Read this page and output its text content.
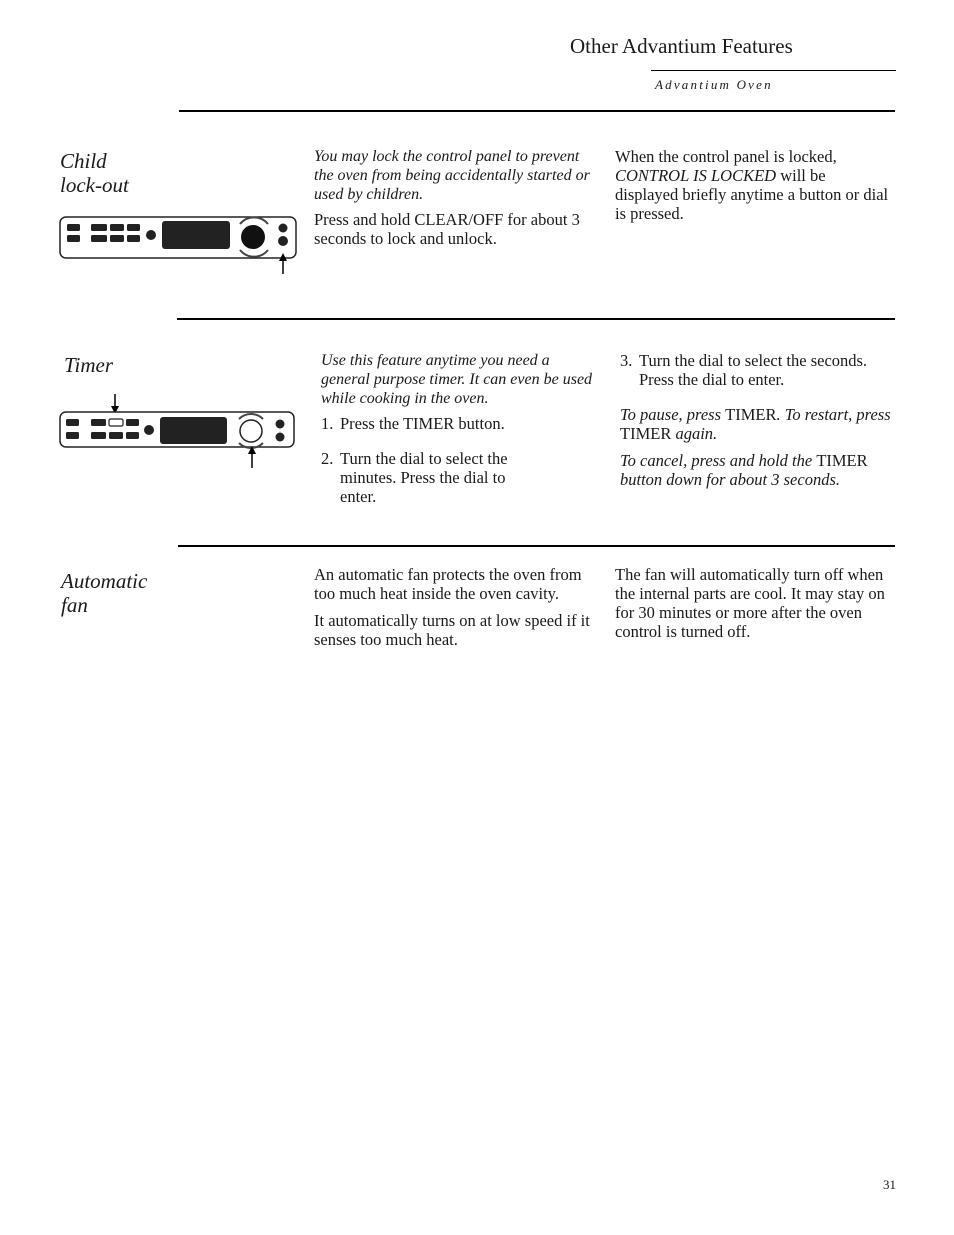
Other Advantium Features
Advantium Oven
Child
lock-out

You may lock the control panel to prevent the oven from being accidentally started or used by children.

Press and hold CLEAR/OFF for about 3 seconds to lock and unlock.

When the control panel is locked, CONTROL IS LOCKED will be displayed briefly anytime a button or dial is pressed.

Timer	Use this feature anytime you need a general purpose timer. It can even be used while cooking in the oven.

1. Press the TIMER button.
2. Turn the dial to select the minutes. Press the dial to enter.
3. Turn the dial to select the seconds. Press the dial to enter.

To pause, press TIMER. To restart, press TIMER again.

To cancel, press and hold the TIMER button down for about 3 seconds.

Automatic
fan

An automatic fan protects the oven from too much heat inside the oven cavity.

It automatically turns on at low speed if it senses too much heat.

The fan will automatically turn off when the internal parts are cool. It may stay on for 30 minutes or more after the oven control is turned off.

31
